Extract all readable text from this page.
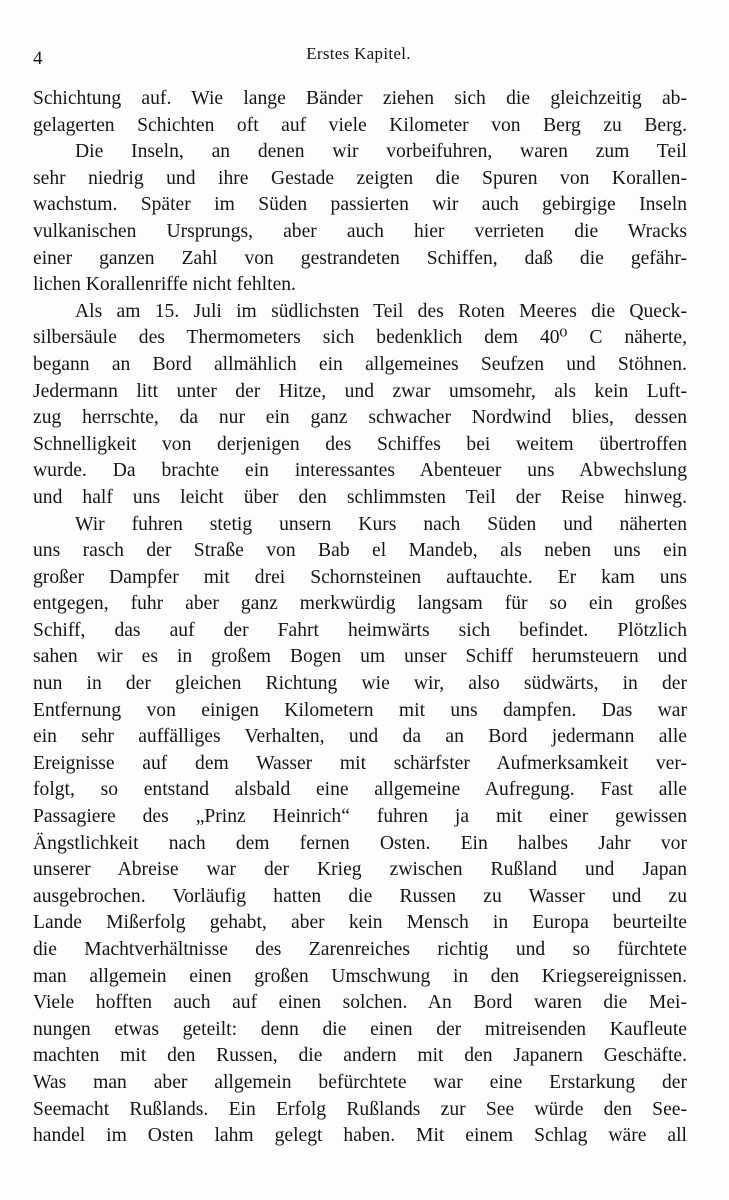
4	Erstes Kapitel.
Schichtung auf. Wie lange Bänder ziehen sich die gleichzeitig ab-
gelagerten Schichten oft auf viele Kilometer von Berg zu Berg.
Die Inseln, an denen wir vorbeifuhren, waren zum Teil
sehr niedrig und ihre Gestade zeigten die Spuren von Korallen-
wachstum. Später im Süden passierten wir auch gebirgige Inseln
vulkanischen Ursprungs, aber auch hier verrieten die Wracks
einer ganzen Zahl von gestrandeten Schiffen, daß die gefähr-
lichen Korallenriffe nicht fehlten.
Als am 15. Juli im südlichsten Teil des Roten Meeres die Queck-
silbersäule des Thermometers sich bedenklich dem 40⁰ C näherte,
begann an Bord allmählich ein allgemeines Seufzen und Stöhnen.
Jedermann litt unter der Hitze, und zwar umsomehr, als kein Luft-
zug herrschte, da nur ein ganz schwacher Nordwind blies, dessen
Schnelligkeit von derjenigen des Schiffes bei weitem übertroffen
wurde. Da brachte ein interessantes Abenteuer uns Abwechslung
und half uns leicht über den schlimmsten Teil der Reise hinweg.
Wir fuhren stetig unsern Kurs nach Süden und näherten
uns rasch der Straße von Bab el Mandeb, als neben uns ein
großer Dampfer mit drei Schornsteinen auftauchte. Er kam uns
entgegen, fuhr aber ganz merkwürdig langsam für so ein großes
Schiff, das auf der Fahrt heimwärts sich befindet. Plötzlich
sahen wir es in großem Bogen um unser Schiff herumsteuern und
nun in der gleichen Richtung wie wir, also südwärts, in der
Entfernung von einigen Kilometern mit uns dampfen. Das war
ein sehr auffälliges Verhalten, und da an Bord jedermann alle
Ereignisse auf dem Wasser mit schärfster Aufmerksamkeit ver-
folgt, so entstand alsbald eine allgemeine Aufregung. Fast alle
Passagiere des „Prinz Heinrich“ fuhren ja mit einer gewissen
Ängstlichkeit nach dem fernen Osten. Ein halbes Jahr vor
unserer Abreise war der Krieg zwischen Rußland und Japan
ausgebrochen. Vorläufig hatten die Russen zu Wasser und zu
Lande Mißerfolg gehabt, aber kein Mensch in Europa beurteilte
die Machtverhältnisse des Zarenreiches richtig und so fürchtete
man allgemein einen großen Umschwung in den Kriegsereignissen.
Viele hofften auch auf einen solchen. An Bord waren die Mei-
nungen etwas geteilt: denn die einen der mitreisenden Kaufleute
machten mit den Russen, die andern mit den Japanern Geschäfte.
Was man aber allgemein befürchtete war eine Erstarkung der
Seemacht Rußlands. Ein Erfolg Rußlands zur See würde den See-
handel im Osten lahm gelegt haben. Mit einem Schlag wäre all
